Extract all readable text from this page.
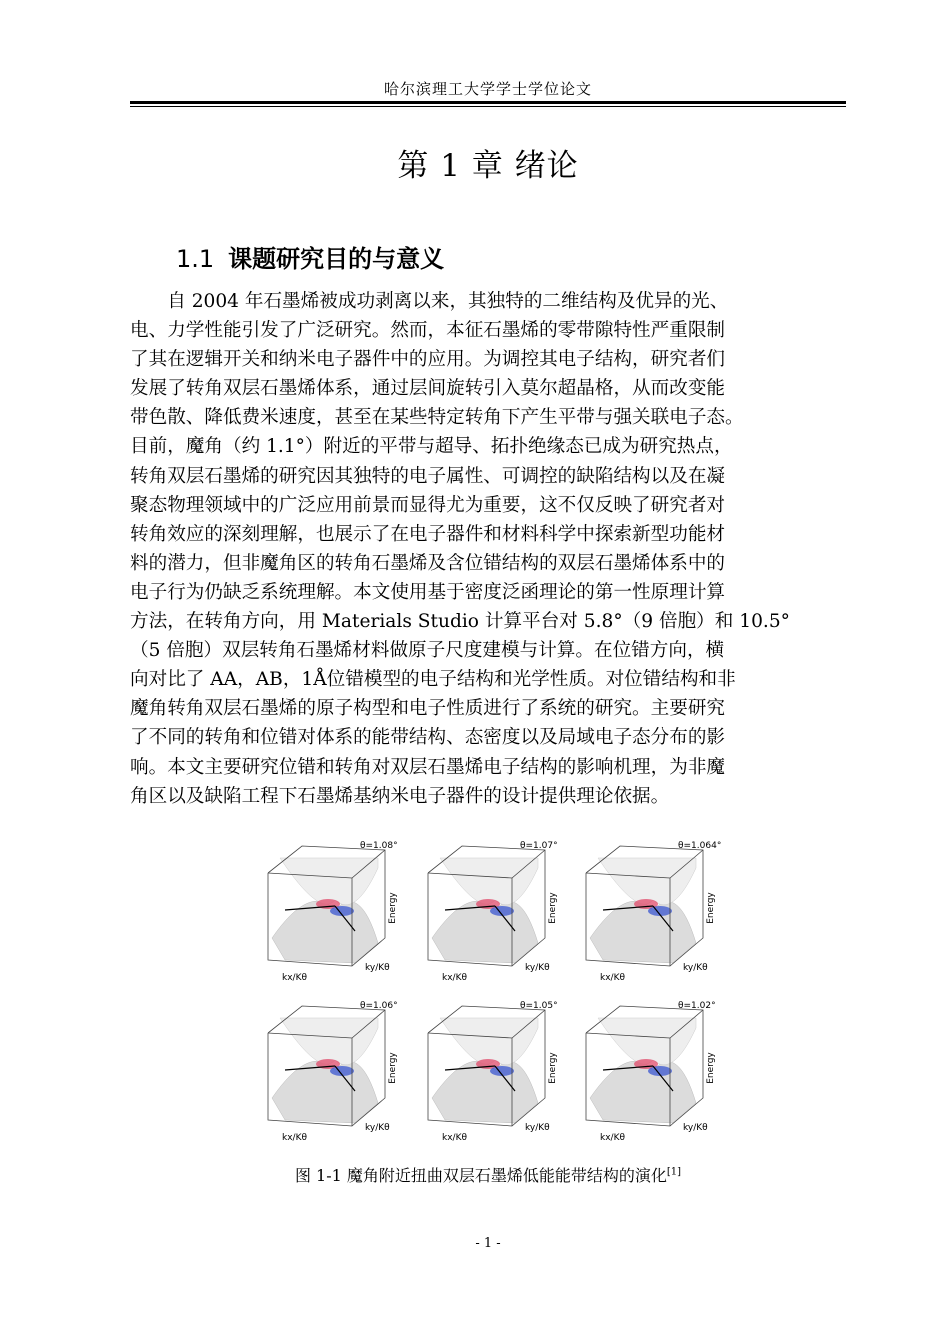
哈尔滨理工大学学士学位论文
第 1 章 绪论
1.1 课题研究目的与意义
　　自 2004 年石墨烯被成功剥离以来，其独特的二维结构及优异的光、
电、力学性能引发了广泛研究。然而，本征石墨烯的零带隙特性严重限制
了其在逻辑开关和纳米电子器件中的应用。为调控其电子结构，研究者们
发展了转角双层石墨烯体系，通过层间旋转引入莫尔超晶格，从而改变能
带色散、降低费米速度，甚至在某些特定转角下产生平带与强关联电子态。
目前，魔角（约 1.1°）附近的平带与超导、拓扑绝缘态已成为研究热点，
转角双层石墨烯的研究因其独特的电子属性、可调控的缺陷结构以及在凝
聚态物理领域中的广泛应用前景而显得尤为重要，这不仅反映了研究者对
转角效应的深刻理解，也展示了在电子器件和材料科学中探索新型功能材
料的潜力，但非魔角区的转角石墨烯及含位错结构的双层石墨烯体系中的
电子行为仍缺乏系统理解。本文使用基于密度泛函理论的第一性原理计算
方法，在转角方向，用 Materials Studio 计算平台对 5.8°（9 倍胞）和 10.5°
（5 倍胞）双层转角石墨烯材料做原子尺度建模与计算。在位错方向，横
向对比了 AA，AB，1Å位错模型的电子结构和光学性质。对位错结构和非
魔角转角双层石墨烯的原子构型和电子性质进行了系统的研究。主要研究
了不同的转角和位错对体系的能带结构、态密度以及局域电子态分布的影
响。本文主要研究位错和转角对双层石墨烯电子结构的影响机理，为非魔
角区以及缺陷工程下石墨烯基纳米电子器件的设计提供理论依据。
θ=1.08°
Energy
kx/Kθ
ky/Kθ
θ=1.07°
Energy
kx/Kθ
ky/Kθ
θ=1.064°
Energy
kx/Kθ
ky/Kθ
θ=1.06°
Energy
kx/Kθ
ky/Kθ
θ=1.05°
Energy
kx/Kθ
ky/Kθ
θ=1.02°
Energy
kx/Kθ
ky/Kθ
图 1-1 魔角附近扭曲双层石墨烯低能能带结构的演化[1]
- 1 -
